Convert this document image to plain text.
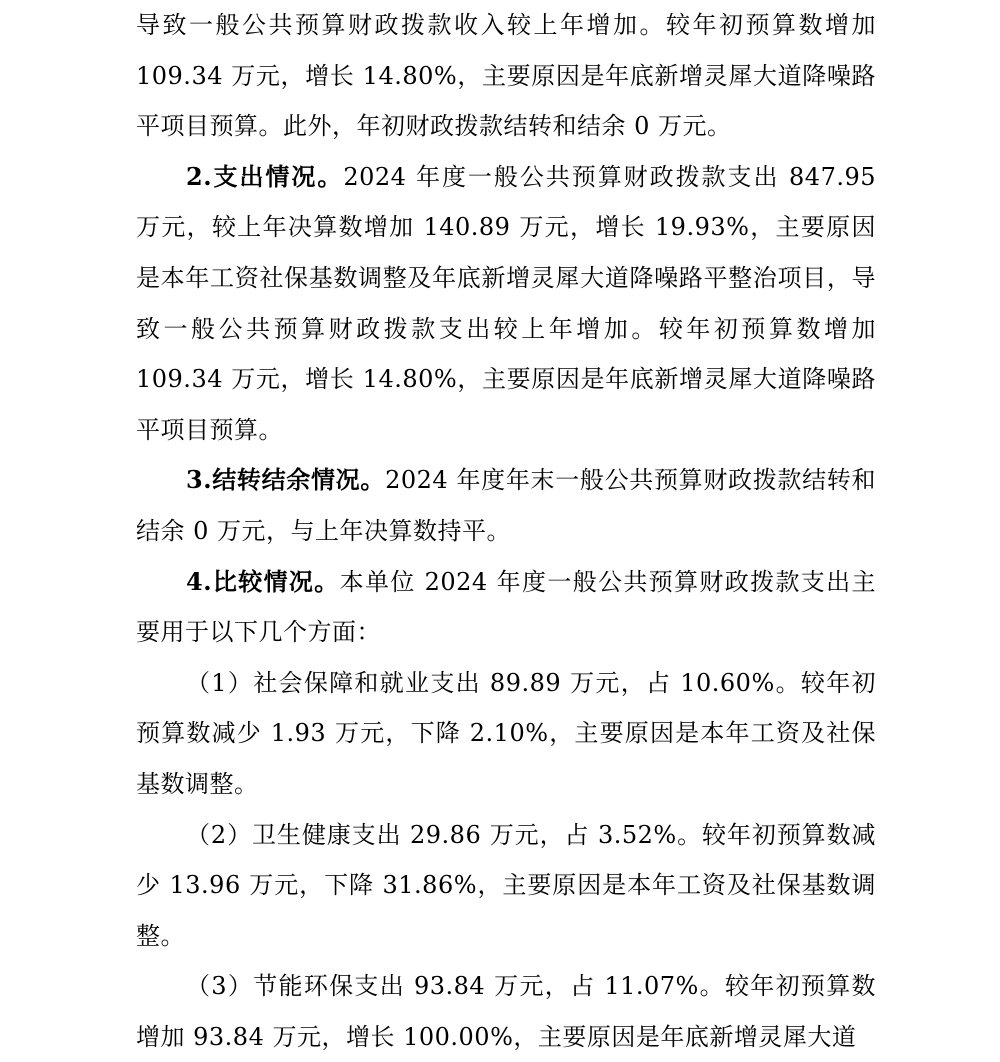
导致一般公共预算财政拨款收入较上年增加。较年初预算数增加109.34 万元，增长 14.80%，主要原因是年底新增灵犀大道降噪路平项目预算。此外，年初财政拨款结转和结余 0 万元。

2.支出情况。2024 年度一般公共预算财政拨款支出 847.95 万元，较上年决算数增加 140.89 万元，增长 19.93%，主要原因是本年工资社保基数调整及年底新增灵犀大道降噪路平整治项目，导致一般公共预算财政拨款支出较上年增加。较年初预算数增加109.34 万元，增长 14.80%，主要原因是年底新增灵犀大道降噪路平项目预算。

3.结转结余情况。2024 年度年末一般公共预算财政拨款结转和结余 0 万元，与上年决算数持平。

4.比较情况。本单位 2024 年度一般公共预算财政拨款支出主要用于以下几个方面：

（1）社会保障和就业支出 89.89 万元，占 10.60%。较年初预算数减少 1.93 万元，下降 2.10%，主要原因是本年工资及社保基数调整。

（2）卫生健康支出 29.86 万元，占 3.52%。较年初预算数减少 13.96 万元，下降 31.86%，主要原因是本年工资及社保基数调整。

（3）节能环保支出 93.84 万元，占 11.07%。较年初预算数增加 93.84 万元，增长 100.00%，主要原因是年底新增灵犀大道
